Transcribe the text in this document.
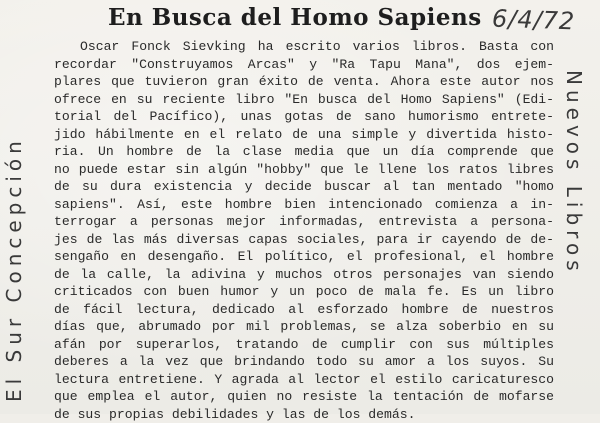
En Busca del Homo Sapiens 6/4/72
El Sur Concepción	Nuevos Libros
Oscar Fonck Sievking ha escrito varios libros. Basta con
recordar "Construyamos Arcas" y "Ra Tapu Mana", dos ejem-
plares que tuvieron gran éxito de venta. Ahora este autor nos
ofrece en su reciente libro "En busca del Homo Sapiens" (Edi-
torial del Pacífico), unas gotas de sano humorismo entrete-
jido hábilmente en el relato de una simple y divertida histo-
ria. Un hombre de la clase media que un día comprende que
no puede estar sin algún "hobby" que le llene los ratos libres
de su dura existencia y decide buscar al tan mentado "homo
sapiens". Así, este hombre bien intencionado comienza a in-
terrogar a personas mejor informadas, entrevista a persona-
jes de las más diversas capas sociales, para ir cayendo de de-
sengaño en desengaño. El político, el profesional, el hombre
de la calle, la adivina y muchos otros personajes van siendo
criticados con buen humor y un poco de mala fe. Es un libro
de fácil lectura, dedicado al esforzado hombre de nuestros
días que, abrumado por mil problemas, se alza soberbio en su
afán por superarlos, tratando de cumplir con sus múltiples
deberes a la vez que brindando todo su amor a los suyos. Su
lectura entretiene. Y agrada al lector el estilo caricaturesco
que emplea el autor, quien no resiste la tentación de mofarse
de sus propias debilidades y las de los demás.
